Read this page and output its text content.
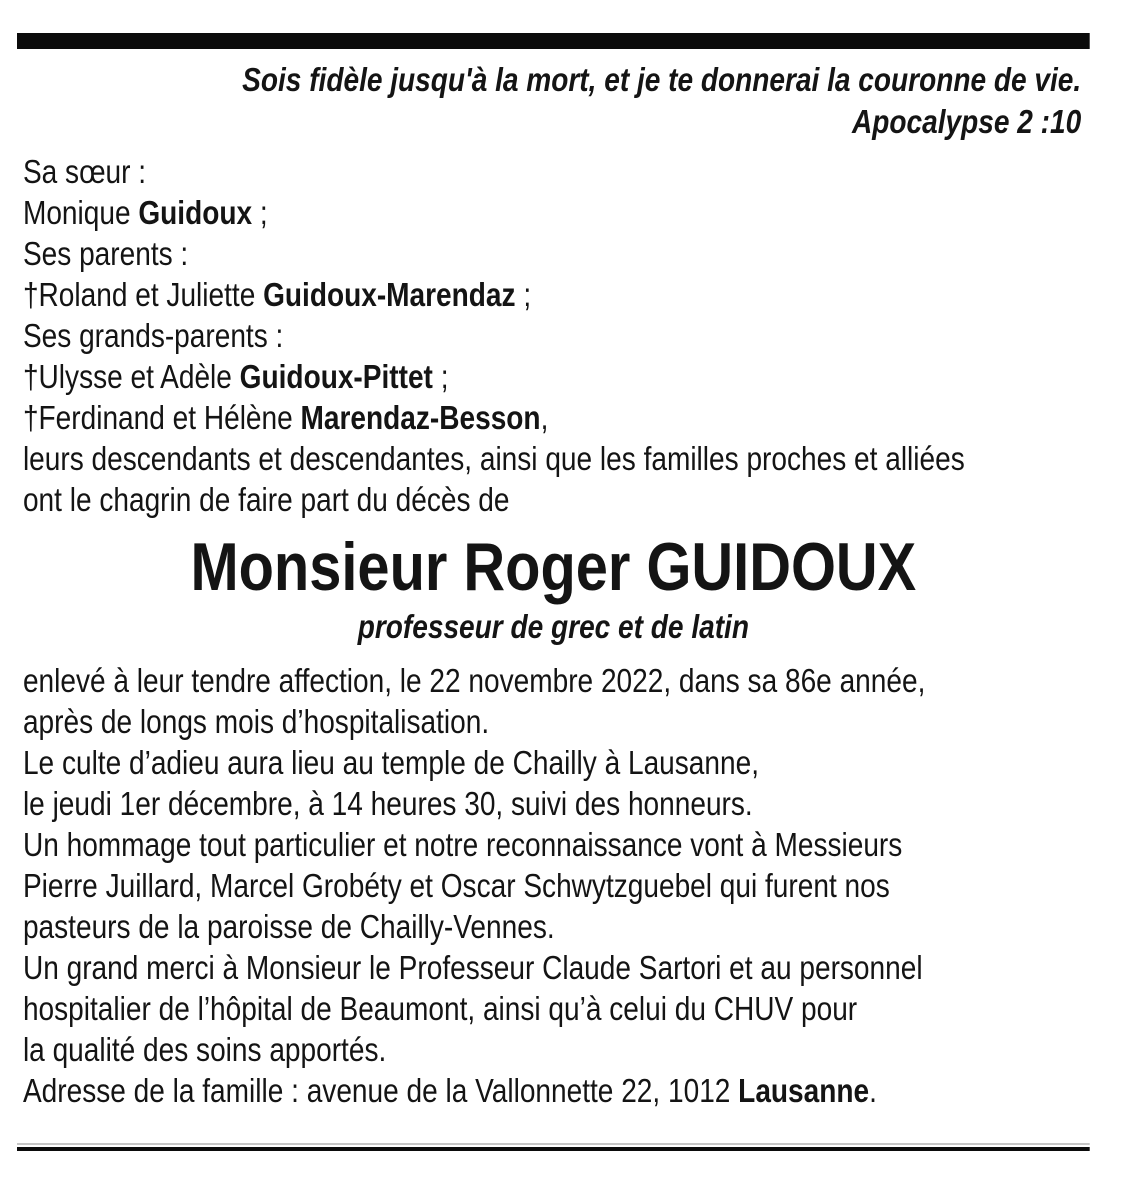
Sois fidèle jusqu'à la mort, et je te donnerai la couronne de vie.

Apocalypse 2 :10

Sa sœur :

Monique Guidoux ;

Ses parents :

†Roland et Juliette Guidoux-Marendaz ;

Ses grands-parents :

†Ulysse et Adèle Guidoux-Pittet ;

†Ferdinand et Hélène Marendaz-Besson,

leurs descendants et descendantes, ainsi que les familles proches et alliées

ont le chagrin de faire part du décès de

Monsieur Roger GUIDOUX
professeur de grec et de latin

enlevé à leur tendre affection, le 22 novembre 2022, dans sa 86e année,

après de longs mois d’hospitalisation.

Le culte d’adieu aura lieu au temple de Chailly à Lausanne,

le jeudi 1er décembre, à 14 heures 30, suivi des honneurs.

Un hommage tout particulier et notre reconnaissance vont à Messieurs

Pierre Juillard, Marcel Grobéty et Oscar Schwytzguebel qui furent nos

pasteurs de la paroisse de Chailly-Vennes.

Un grand merci à Monsieur le Professeur Claude Sartori et au personnel

hospitalier de l’hôpital de Beaumont, ainsi qu’à celui du CHUV pour

la qualité des soins apportés.

Adresse de la famille : avenue de la Vallonnette 22, 1012 Lausanne.
